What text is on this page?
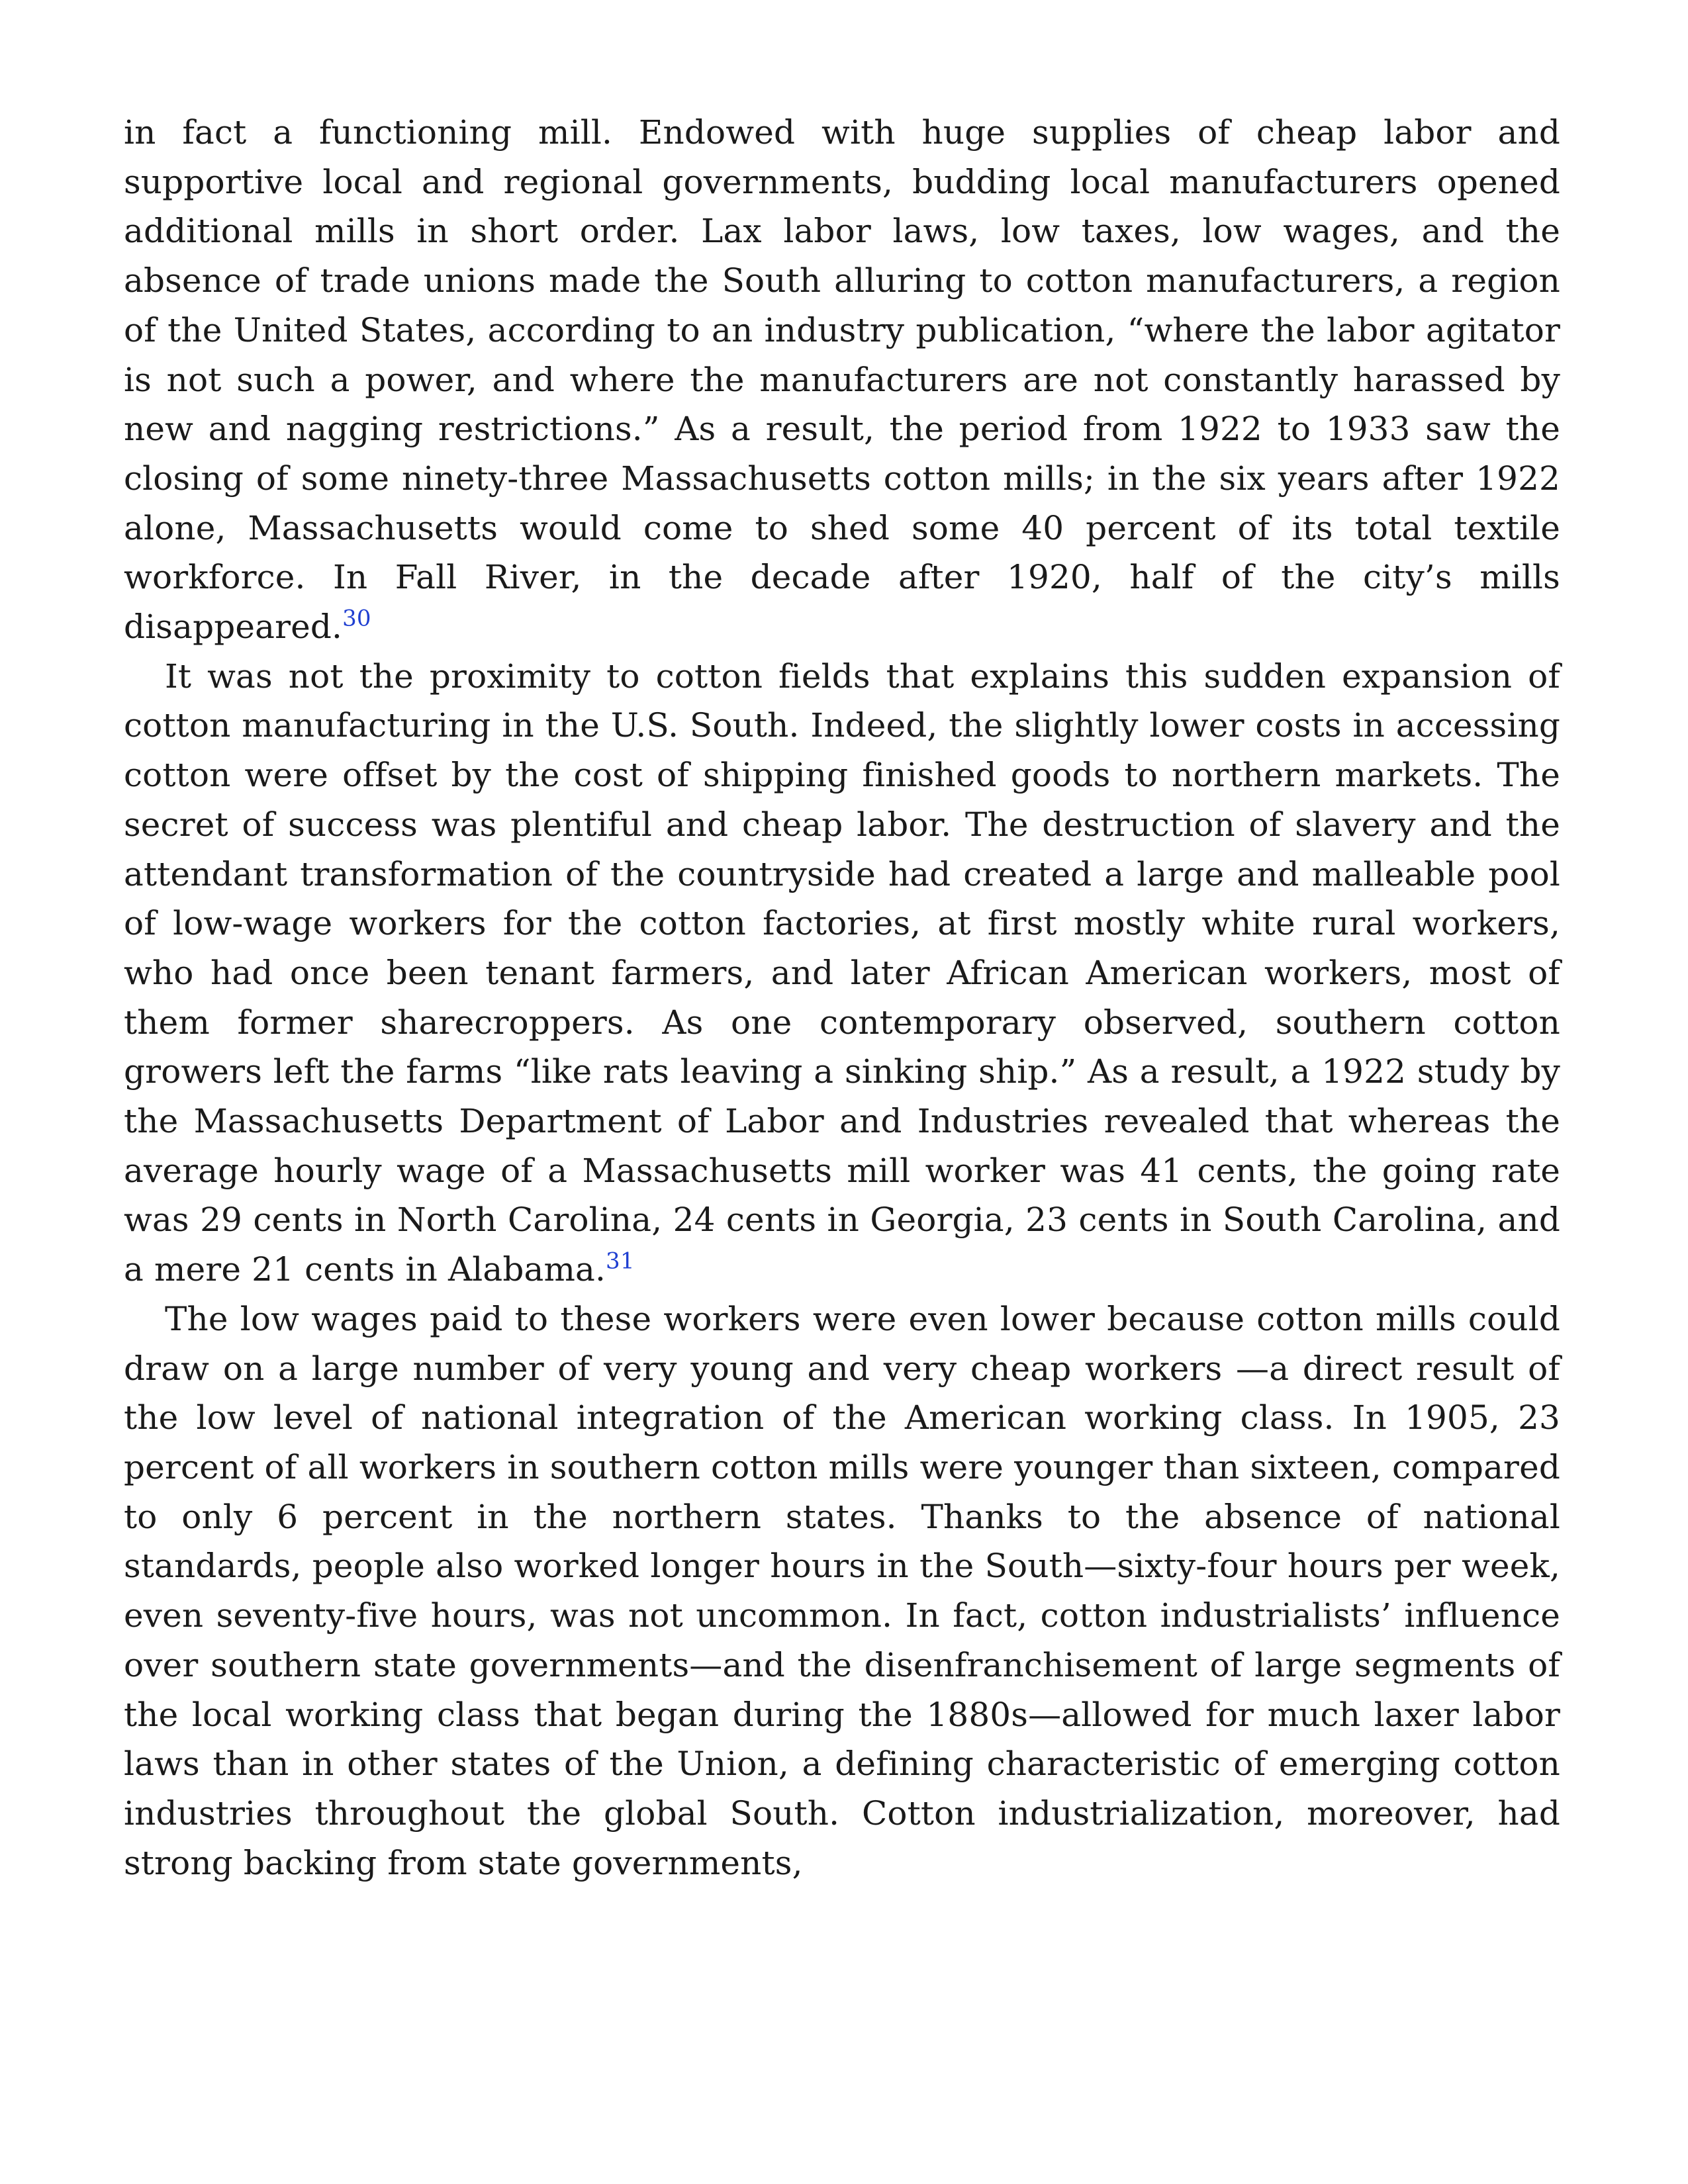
in fact a functioning mill. Endowed with huge supplies of cheap labor and supportive local and regional governments, budding local manufacturers opened additional mills in short order. Lax labor laws, low taxes, low wages, and the absence of trade unions made the South alluring to cotton manufacturers, a region of the United States, according to an industry publication, “where the labor agitator is not such a power, and where the manufacturers are not constantly harassed by new and nagging restrictions.” As a result, the period from 1922 to 1933 saw the closing of some ninety-three Massachusetts cotton mills; in the six years after 1922 alone, Massachusetts would come to shed some 40 percent of its total textile workforce. In Fall River, in the decade after 1920, half of the city’s mills disappeared.$^{30}$

It was not the proximity to cotton fields that explains this sudden expansion of cotton manufacturing in the U.S. South. Indeed, the slightly lower costs in accessing cotton were offset by the cost of shipping finished goods to northern markets. The secret of success was plentiful and cheap labor. The destruction of slavery and the attendant transformation of the countryside had created a large and malleable pool of low-wage workers for the cotton factories, at first mostly white rural workers, who had once been tenant farmers, and later African American workers, most of them former sharecroppers. As one contemporary observed, southern cotton growers left the farms “like rats leaving a sinking ship.” As a result, a 1922 study by the Massachusetts Department of Labor and Industries revealed that whereas the average hourly wage of a Massachusetts mill worker was 41 cents, the going rate was 29 cents in North Carolina, 24 cents in Georgia, 23 cents in South Carolina, and a mere 21 cents in Alabama.$^{31}$

The low wages paid to these workers were even lower because cotton mills could draw on a large number of very young and very cheap workers —a direct result of the low level of national integration of the American working class. In 1905, 23 percent of all workers in southern cotton mills were younger than sixteen, compared to only 6 percent in the northern states. Thanks to the absence of national standards, people also worked longer hours in the South—sixty-four hours per week, even seventy-five hours, was not uncommon. In fact, cotton industrialists’ influence over southern state governments—and the disenfranchisement of large segments of the local working class that began during the 1880s—allowed for much laxer labor laws than in other states of the Union, a defining characteristic of emerging cotton industries throughout the global South. Cotton industrialization, moreover, had strong backing from state governments,
